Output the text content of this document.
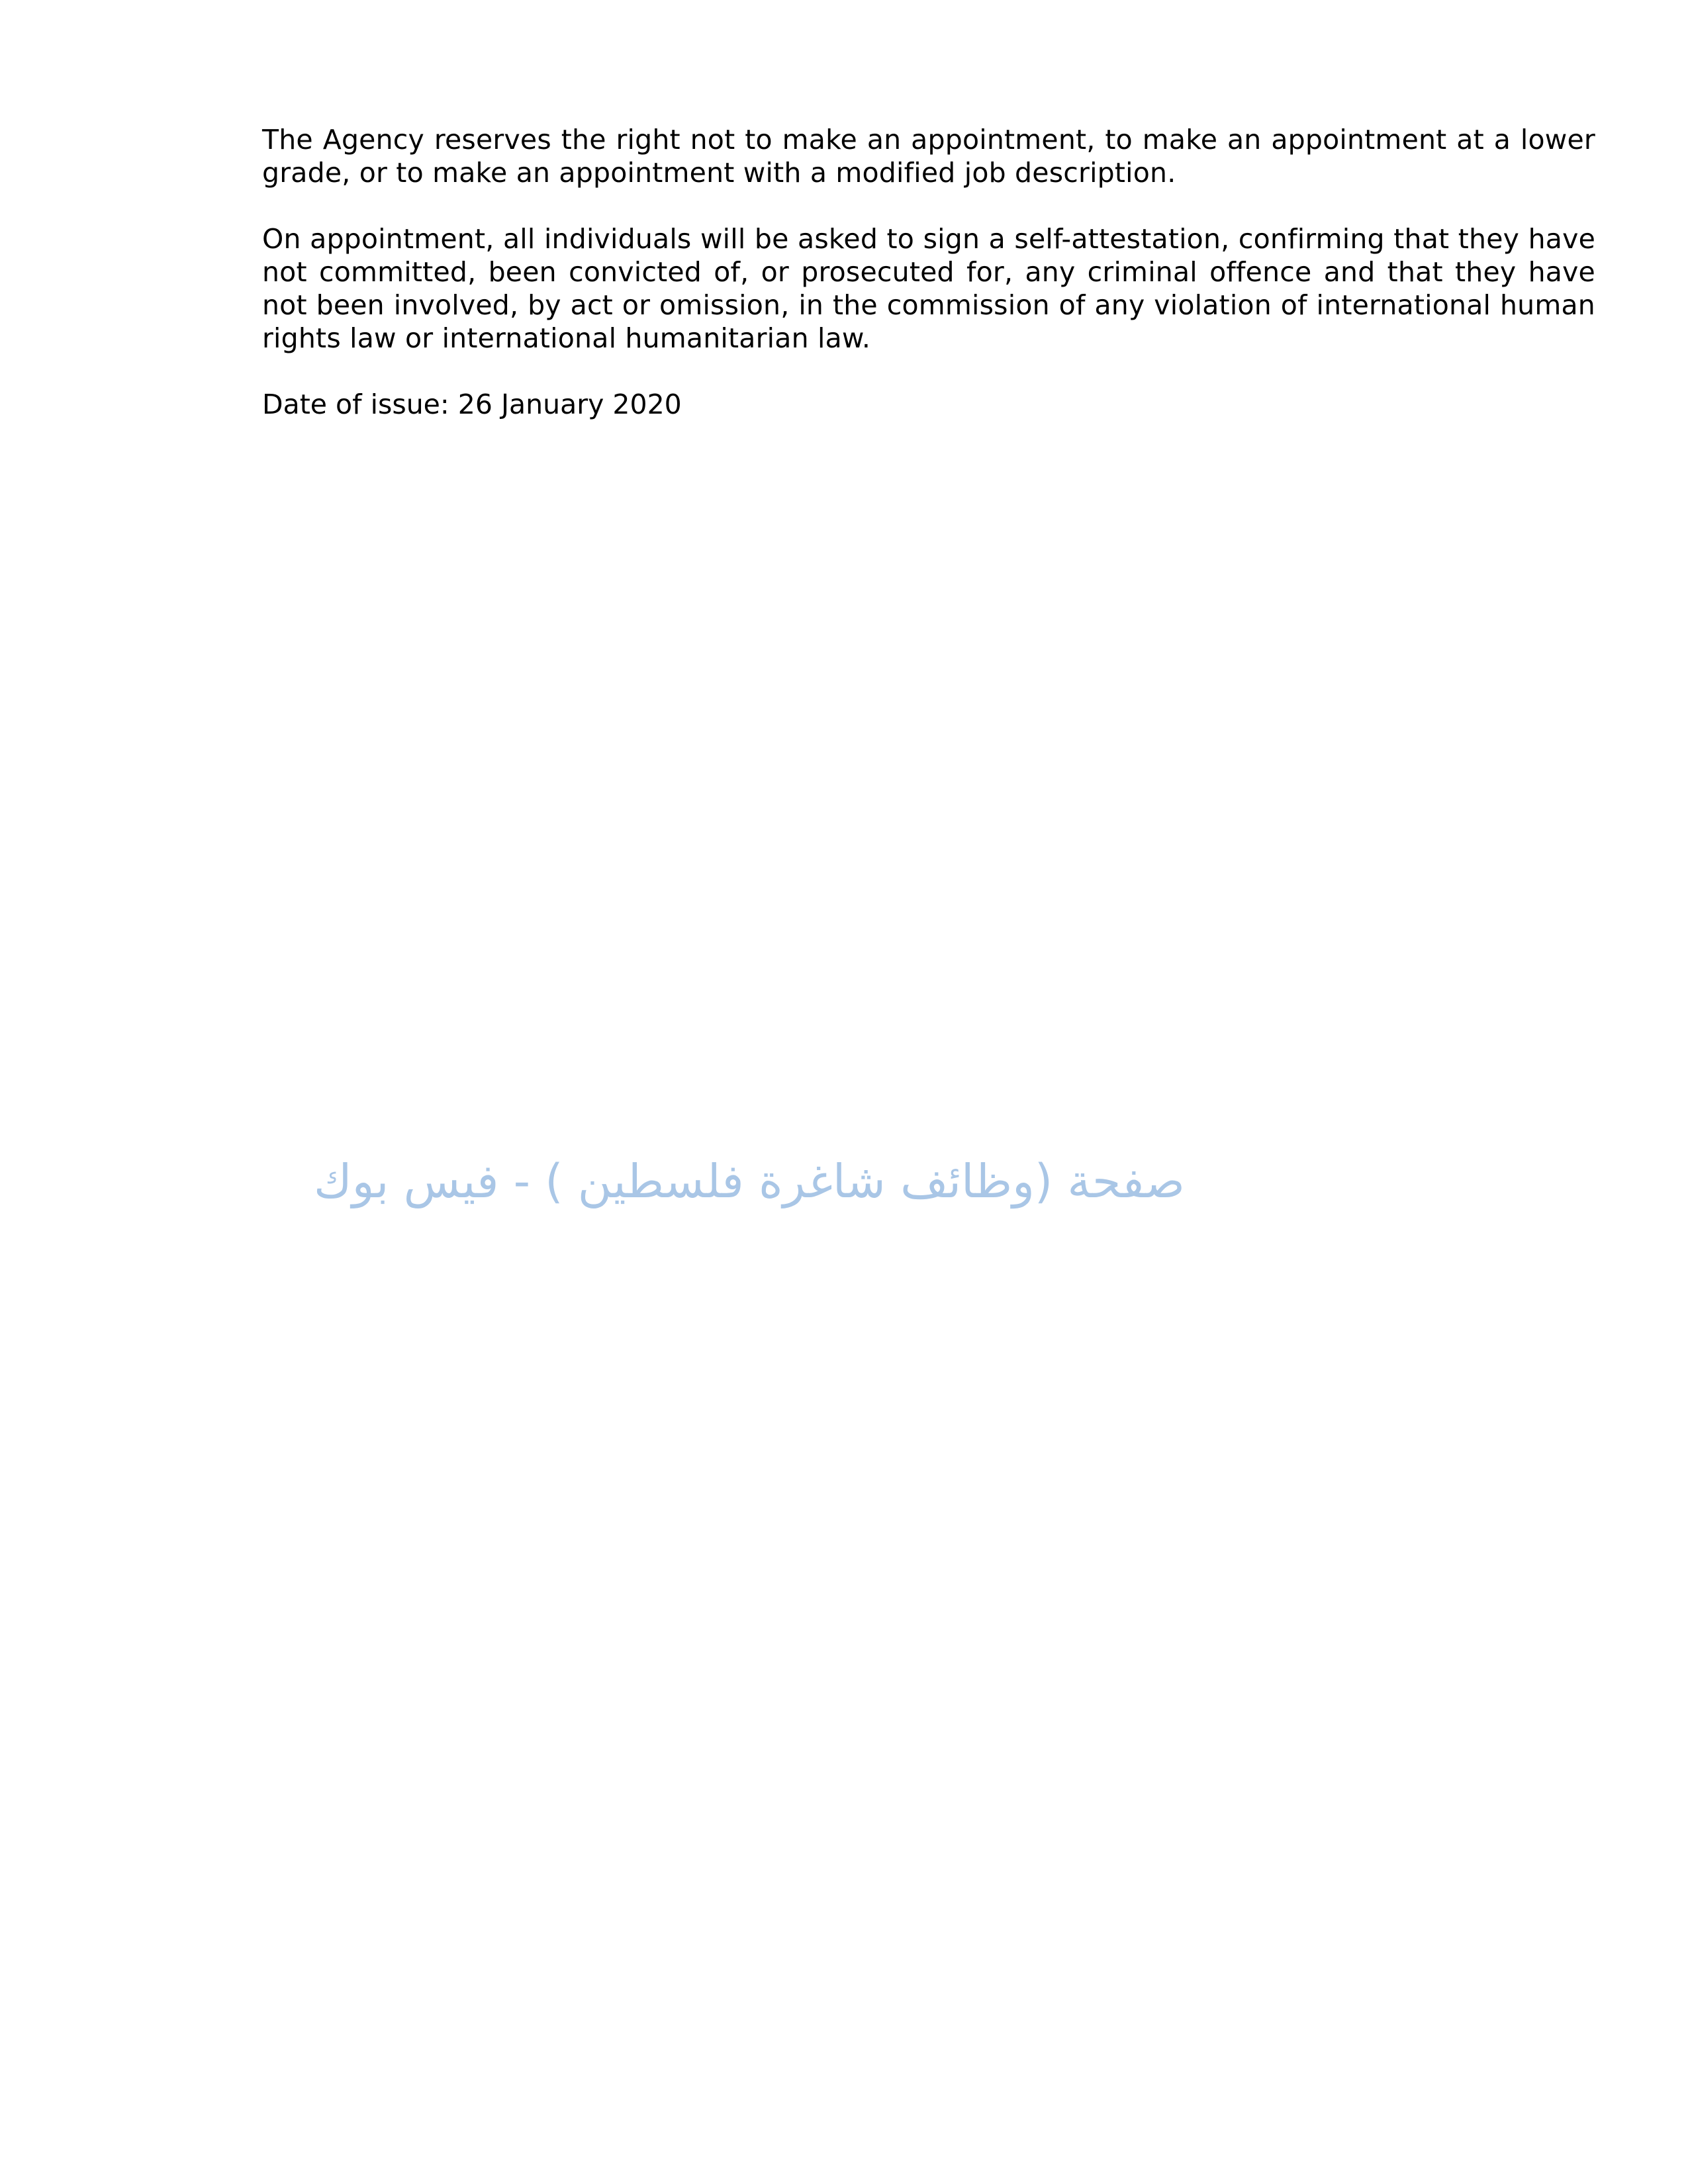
The Agency reserves the right not to make an appointment, to make an appointment at a lower grade, or to make an appointment with a modified job description.

On appointment, all individuals will be asked to sign a self-attestation, confirming that they have not committed, been convicted of, or prosecuted for, any criminal offence and that they have not been involved, by act or omission, in the commission of any violation of international human rights law or international humanitarian law.

Date of issue: 26 January 2020

صفحة (وظائف شاغرة فلسطين ) - فيس بوك
